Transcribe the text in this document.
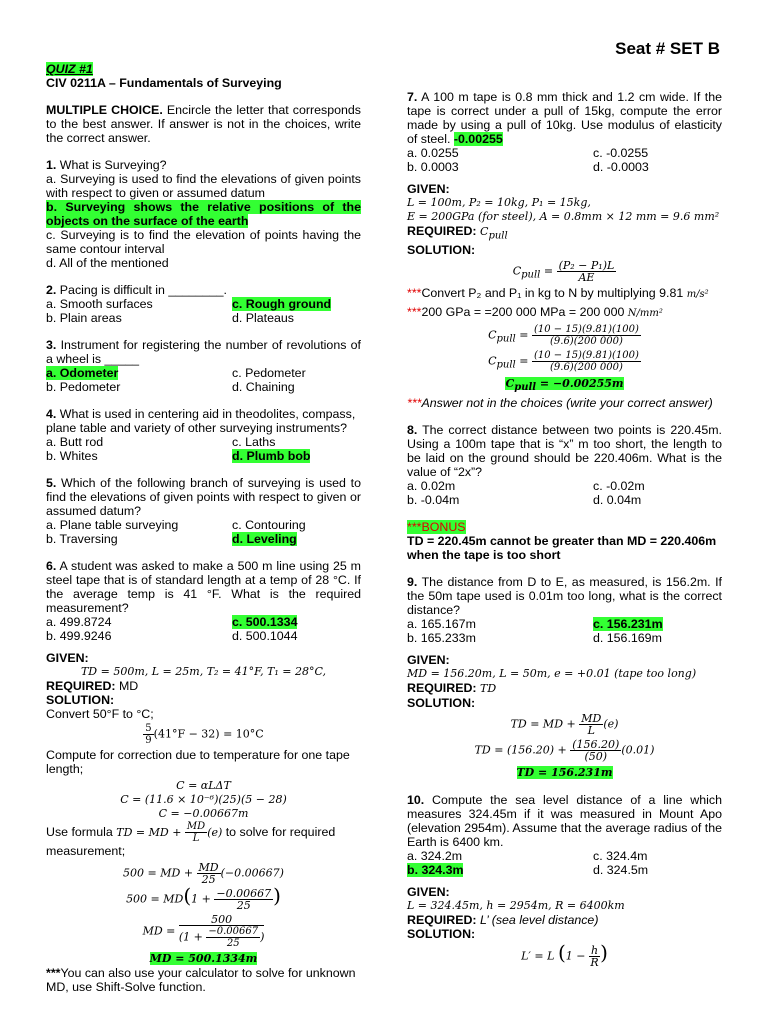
Seat # SET B

QUIZ #1

CIV 0211A – Fundamentals of Surveying

MULTIPLE CHOICE. Encircle the letter that corresponds to the best answer. If answer is not in the choices, write the correct answer.

1. What is Surveying?

a. Surveying is used to find the elevations of given points with respect to given or assumed datum

b. Surveying shows the relative positions of the objects on the surface of the earth

c. Surveying is to find the elevation of points having the same contour interval

d. All of the mentioned

2. Pacing is difficult in ________.

a. Smooth surfaces	c. Rough ground
b. Plain areas	d. Plateaus

3. Instrument for registering the number of revolutions of a wheel is _____

a. Odometer	c. Pedometer
b. Pedometer	d. Chaining

4. What is used in centering aid in theodolites, compass, plane table and variety of other surveying instruments?

a. Butt rod	c. Laths
b. Whites	d. Plumb bob

5. Which of the following branch of surveying is used to find the elevations of given points with respect to given or assumed datum?

a. Plane table surveying	c. Contouring
b. Traversing	d. Leveling

6. A student was asked to make a 500 m line using 25 m steel tape that is of standard length at a temp of 28 °C. If the average temp is 41 °F. What is the required measurement?

a. 499.8724	c. 500.1334
b. 499.9246	d. 500.1044

GIVEN:

TD = 500m, L = 25m, T₂ = 41°F, T₁ = 28°C,

REQUIRED: MD

SOLUTION:

Convert 50°F to °C;

$\frac{5}{9} (41^\circ F - 32) = 10^\circ C$

Compute for correction due to temperature for one tape length;

C = αLΔT

C = (11.6 × 10⁻⁶)(25)(5 − 28)

C = −0.00667m

Use formula TD = MD + $\frac{MD}{L} (e)$ to solve for required measurement;

500 = MD + $\frac{MD}{25} (-0.00667)$

$500 = MD(1 + \frac{-0.00667}{25}$ )

MD = $\frac{500}{(1 + \frac{-0.00667}{25} )}$

MD = 500.1334m

***You can also use your calculator to solve for unknown MD, use Shift-Solve function.

7. A 100 m tape is 0.8 mm thick and 1.2 cm wide. If the tape is correct under a pull of 15kg, compute the error made by using a pull of 10kg. Use modulus of elasticity of steel. -0.00255

a. 0.0255	c. -0.0255
b. 0.0003	d. -0.0003

GIVEN:

L = 100m, P₂ = 10kg, P₁ = 15kg,

E = 200GPa (for steel), A = 0.8mm × 12 mm = 9.6 mm²

REQUIRED: $C_{pull}$

SOLUTION:

$C_{pull} = \frac{\text{(P₂ − P₁)L}}{AE}$

***Convert P₂ and P₁ in kg to N by multiplying 9.81 m/s²

***200 GPa = =200 000 MPa = 200 000 N/mm²

$C_{pull} = \frac{(10 - 15)(9.81)(100)}{(9.6)(200 000)}$

$C_{pull} = \frac{(10 - 15)(9.81)(100)}{(9.6)(200 000)}$

$C_{pull} = -0.00255m$

***Answer not in the choices (write your correct answer)

8. The correct distance between two points is 220.45m. Using a 100m tape that is “x” m too short, the length to be laid on the ground should be 220.406m. What is the value of “2x”?

a. 0.02m	c. -0.02m
b. -0.04m	d. 0.04m

***BONUS

TD = 220.45m cannot be greater than MD = 220.406m when the tape is too short

9. The distance from D to E, as measured, is 156.2m. If the 50m tape used is 0.01m too long, what is the correct distance?

a. 165.167m	c. 156.231m
b. 165.233m	d. 156.169m

GIVEN:

MD = 156.20m, L = 50m, e = +0.01 (tape too long)

REQUIRED: TD

SOLUTION:

TD = MD + $\frac{MD}{L} (e)$

TD = $(156.20) + \frac{(156.20)}{(50)} (0.01)$

TD = 156.231m

10. Compute the sea level distance of a line which measures 324.45m if it was measured in Mount Apo (elevation 2954m). Assume that the average radius of the Earth is 6400 km.

a. 324.2m	c. 324.4m
b. 324.3m	d. 324.5m

GIVEN:

L = 324.45m, h = 2954m, R = 6400km

REQUIRED: L’ (sea level distance)

SOLUTION:

L′ = L ($1 - \frac{h}{R}$ )
